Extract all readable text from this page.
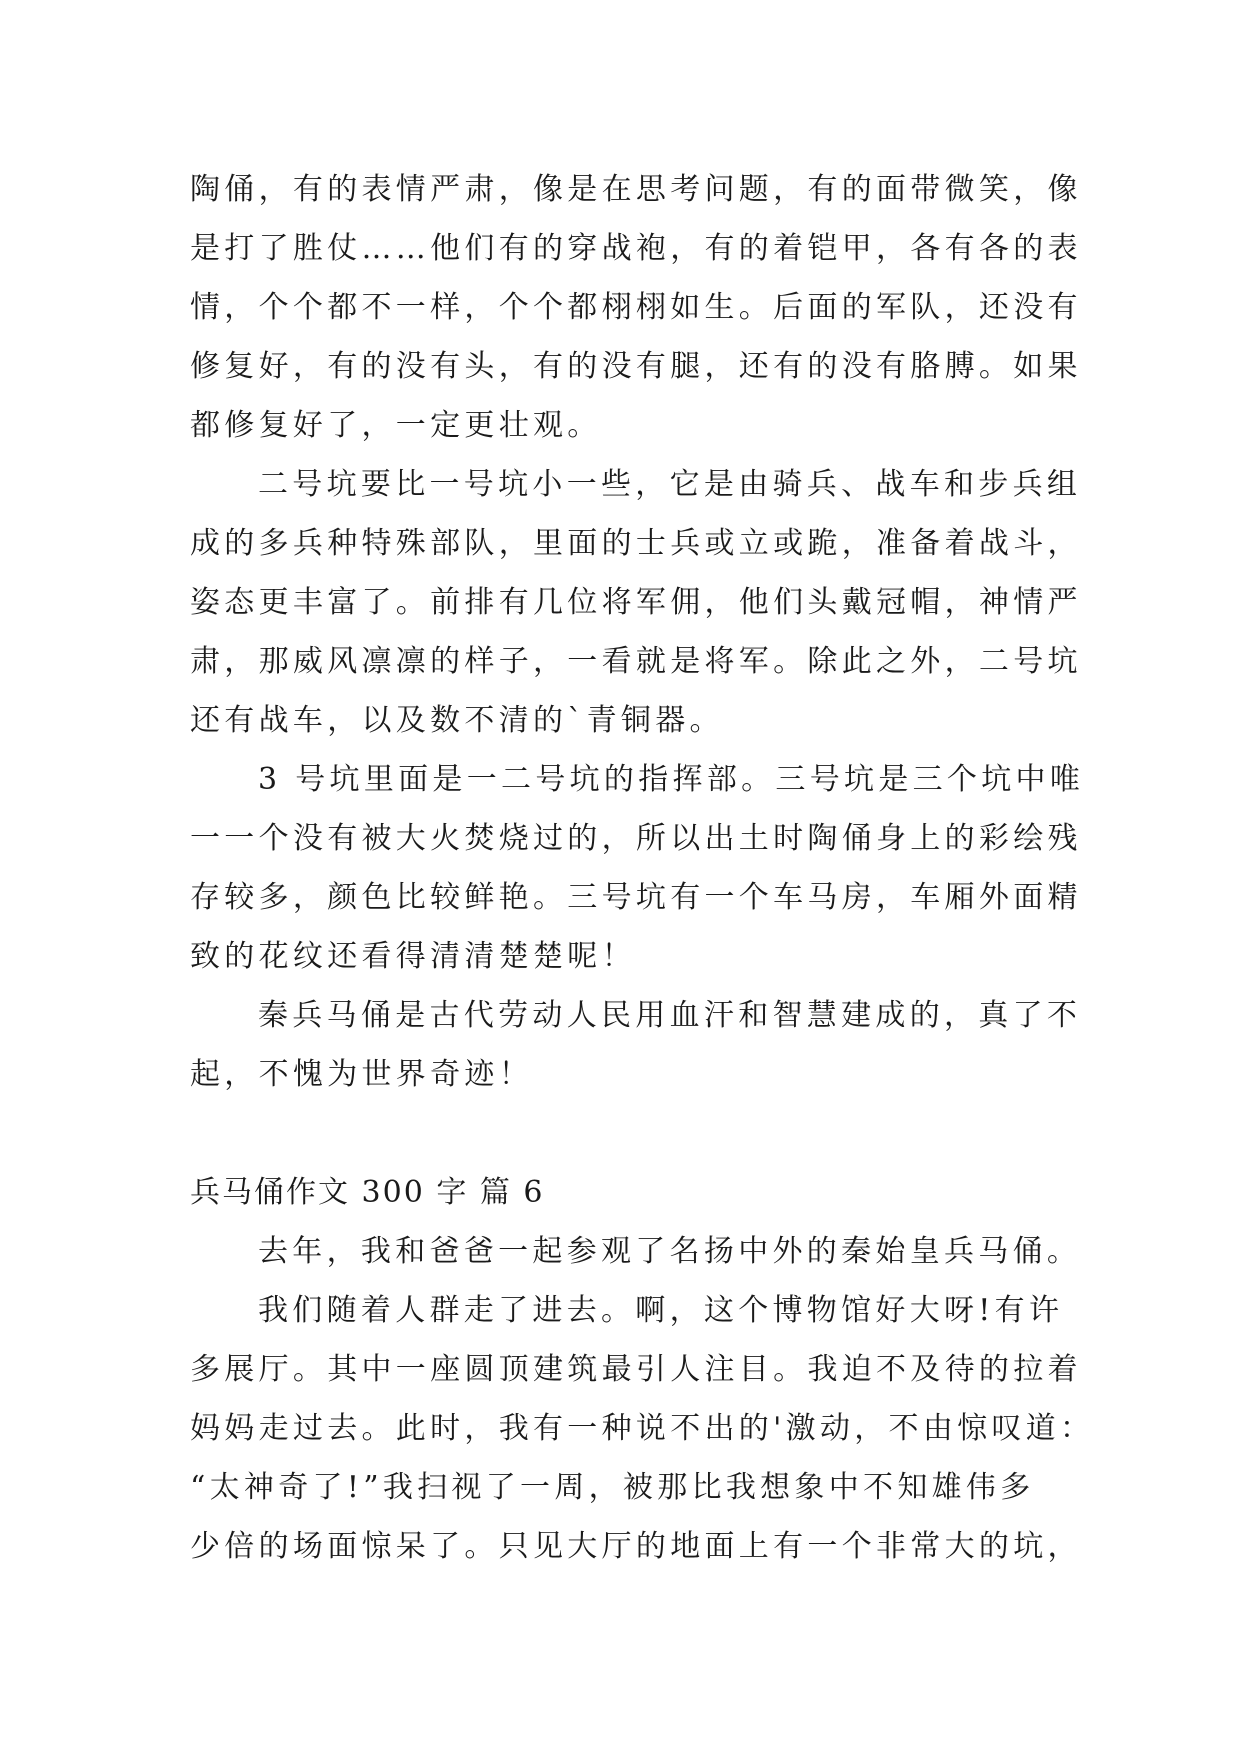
陶俑，有的表情严肃，像是在思考问题，有的面带微笑，像
是打了胜仗……他们有的穿战袍，有的着铠甲，各有各的表
情，个个都不一样，个个都栩栩如生。后面的军队，还没有
修复好，有的没有头，有的没有腿，还有的没有胳膊。如果
都修复好了，一定更壮观。
二号坑要比一号坑小一些，它是由骑兵、战车和步兵组
成的多兵种特殊部队，里面的士兵或立或跪，准备着战斗，
姿态更丰富了。前排有几位将军佣，他们头戴冠帽，神情严
肃，那威风凛凛的样子，一看就是将军。除此之外，二号坑
还有战车，以及数不清的`青铜器。
3 号坑里面是一二号坑的指挥部。三号坑是三个坑中唯
一一个没有被大火焚烧过的，所以出土时陶俑身上的彩绘残
存较多，颜色比较鲜艳。三号坑有一个车马房，车厢外面精
致的花纹还看得清清楚楚呢！
秦兵马俑是古代劳动人民用血汗和智慧建成的，真了不
起，不愧为世界奇迹！
兵马俑作文 300 字 篇 6
去年，我和爸爸一起参观了名扬中外的秦始皇兵马俑。
我们随着人群走了进去。啊，这个博物馆好大呀!有许
多展厅。其中一座圆顶建筑最引人注目。我迫不及待的拉着
妈妈走过去。此时，我有一种说不出的'激动，不由惊叹道：
“太神奇了!”我扫视了一周，被那比我想象中不知雄伟多
少倍的场面惊呆了。只见大厅的地面上有一个非常大的坑，
